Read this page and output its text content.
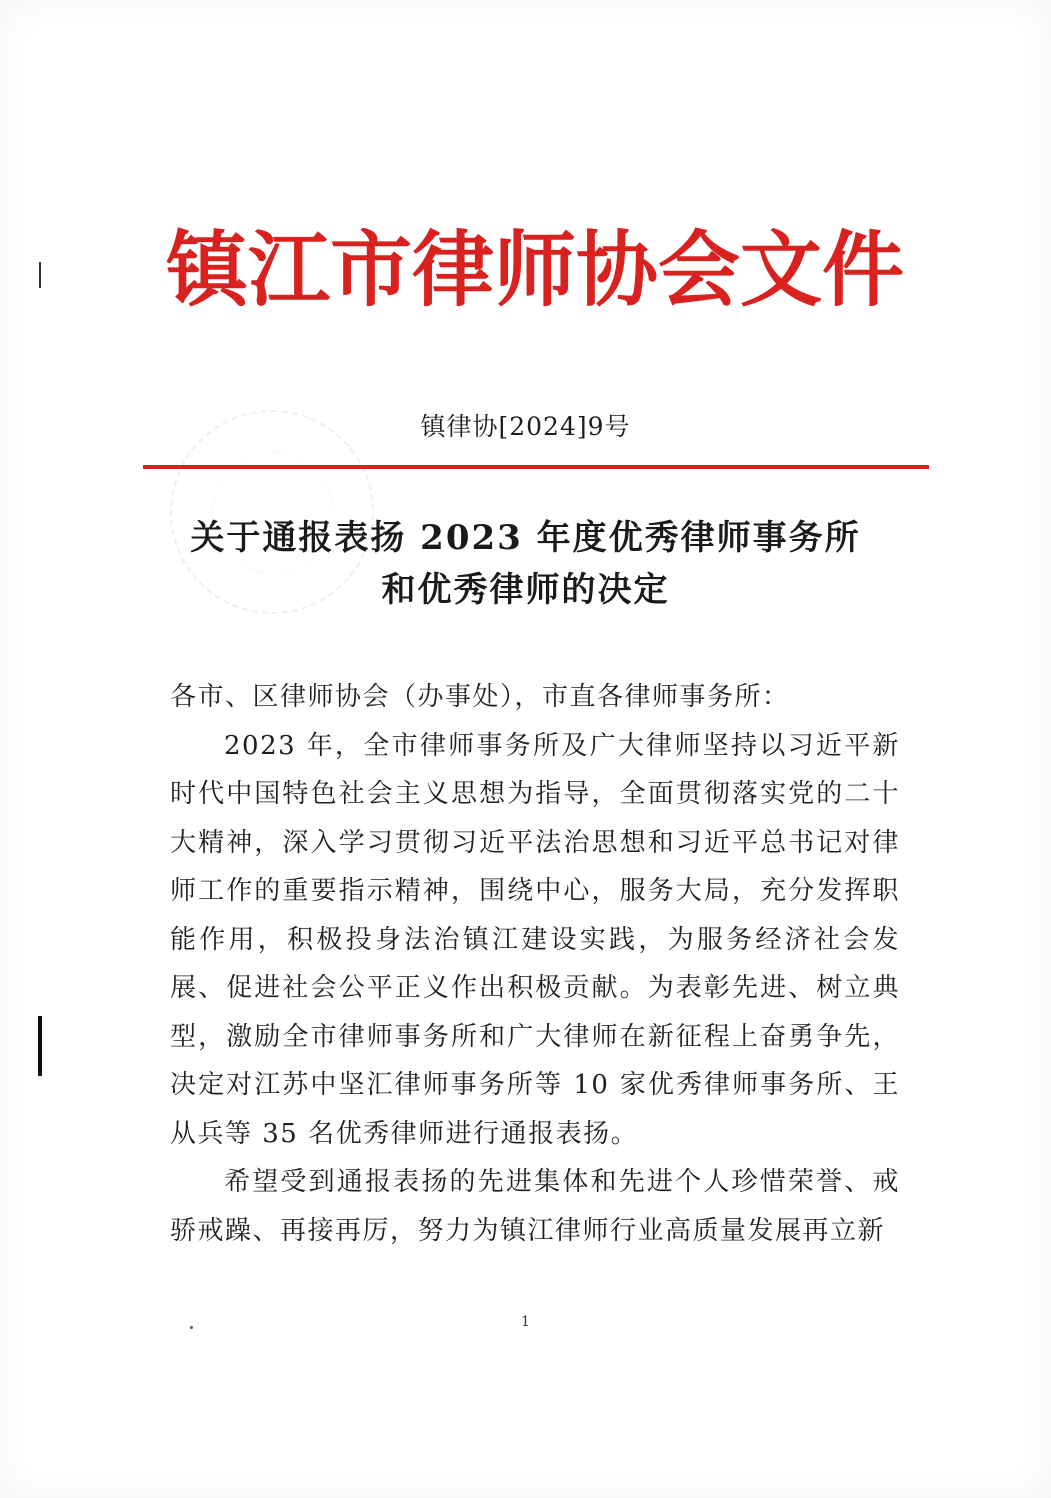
镇江市律师协会文件
镇律协[2024]9号
关于通报表扬 2023 年度优秀律师事务所
和优秀律师的决定

各市、区律师协会（办事处），市直各律师事务所：

2023 年，全市律师事务所及广大律师坚持以习近平新时代中国特色社会主义思想为指导，全面贯彻落实党的二十大精神，深入学习贯彻习近平法治思想和习近平总书记对律师工作的重要指示精神，围绕中心，服务大局，充分发挥职能作用，积极投身法治镇江建设实践，为服务经济社会发展、促进社会公平正义作出积极贡献。为表彰先进、树立典型，激励全市律师事务所和广大律师在新征程上奋勇争先，决定对江苏中坚汇律师事务所等 10 家优秀律师事务所、王从兵等 35 名优秀律师进行通报表扬。

希望受到通报表扬的先进集体和先进个人珍惜荣誉、戒骄戒躁、再接再厉，努力为镇江律师行业高质量发展再立新

1
